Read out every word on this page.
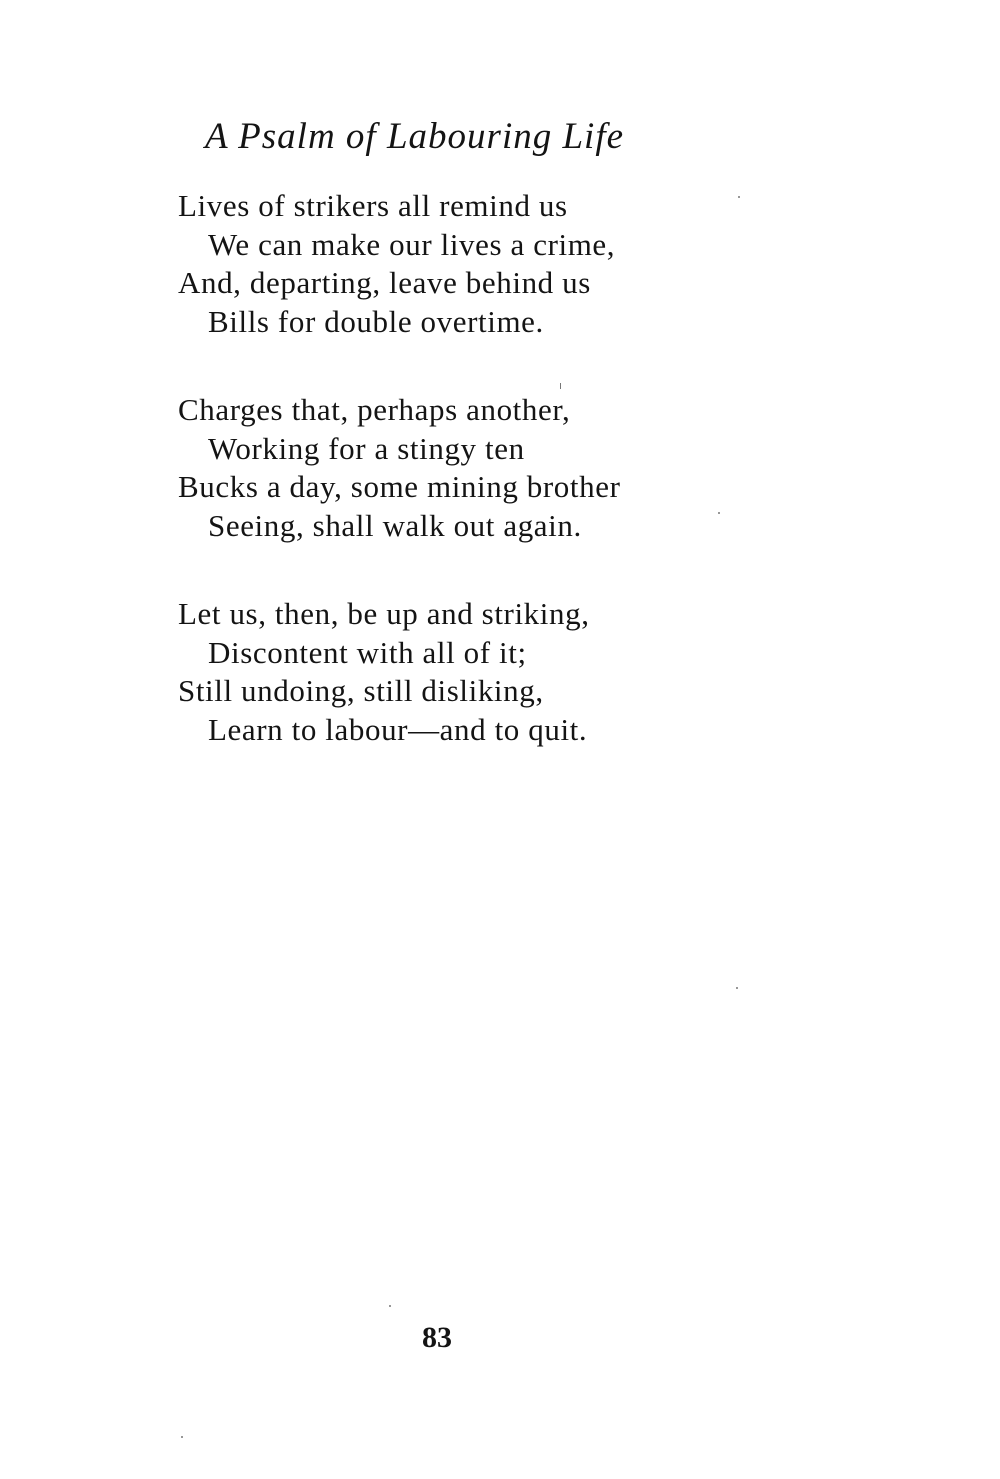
A Psalm of Labouring Life
Lives of strikers all remind us
We can make our lives a crime,
And, departing, leave behind us
Bills for double overtime.
Charges that, perhaps another,
Working for a stingy ten
Bucks a day, some mining brother
Seeing, shall walk out again.
Let us, then, be up and striking,
Discontent with all of it;
Still undoing, still disliking,
Learn to labour—and to quit.

83
